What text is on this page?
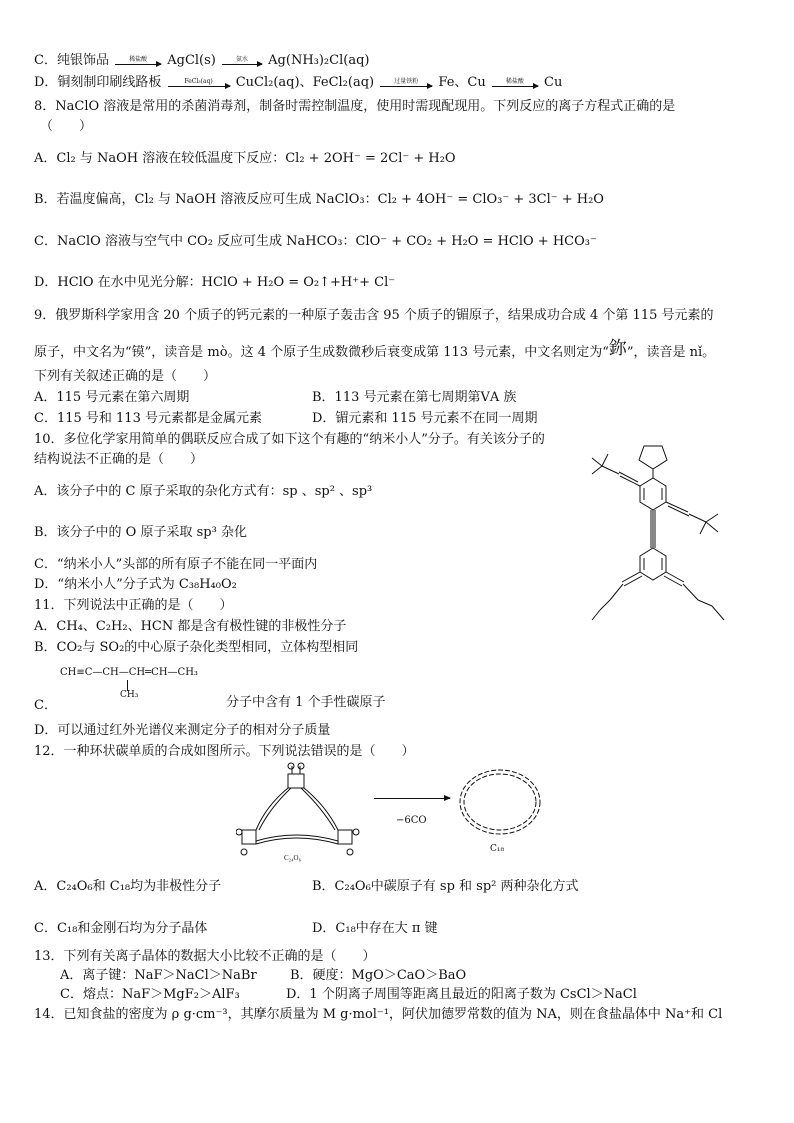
C．纯银饰品	稀盐酸	AgCl(s)	氨水	Ag(NH₃)₂Cl(aq)
D．铜刻制印刷线路板	FeCl₃(aq)	CuCl₂(aq)、FeCl₂(aq)	过量铁粉	Fe、Cu	稀盐酸	Cu
8．NaClO 溶液是常用的杀菌消毒剂，制备时需控制温度，使用时需现配现用。下列反应的离子方程式正确的是
（　　）
A．Cl₂ 与 NaOH 溶液在较低温度下反应：Cl₂ + 2OH⁻ = 2Cl⁻ + H₂O
B．若温度偏高，Cl₂ 与 NaOH 溶液反应可生成 NaClO₃：Cl₂ + 4OH⁻ = ClO₃⁻ + 3Cl⁻ + H₂O
C．NaClO 溶液与空气中 CO₂ 反应可生成 NaHCO₃：ClO⁻ + CO₂ + H₂O = HClO + HCO₃⁻
D．HClO 在水中见光分解：HClO + H₂O = O₂↑+H⁺+ Cl⁻
9．俄罗斯科学家用含 20 个质子的钙元素的一种原子轰击含 95 个质子的镅原子，结果成功合成 4 个第 115 号元素的
原子，中文名为“镆”，读音是 mò。这 4 个原子生成数微秒后衰变成第 113 号元素，中文名则定为“鉨”，读音是 nǐ。
下列有关叙述正确的是（　　）
A．115 号元素在第六周期	B．113 号元素在第七周期第ⅤA 族
C．115 号和 113 号元素都是金属元素	D．镅元素和 115 号元素不在同一周期
10．多位化学家用简单的偶联反应合成了如下这个有趣的“纳米小人”分子。有关该分子的
结构说法不正确的是（　　）
A．该分子中的 C 原子采取的杂化方式有：sp 、sp² 、sp³
B．该分子中的 O 原子采取 sp³ 杂化
C．“纳米小人”头部的所有原子不能在同一平面内
D．“纳米小人”分子式为 C₃₈H₄₀O₂
11．下列说法中正确的是（　　）
A．CH₄、C₂H₂、HCN 都是含有极性键的非极性分子
B．CO₂与 SO₂的中心原子杂化类型相同，立体构型相同
CH≡C—CH—CH═CH—CH₃
CH₃
C．	分子中含有 1 个手性碳原子
D．可以通过红外光谱仪来测定分子的相对分子质量
12．一种环状碳单质的合成如图所示。下列说法错误的是（　　）
C₂₄O₆
−6CO
C₁₈
A．C₂₄O₆和 C₁₈均为非极性分子	B．C₂₄O₆中碳原子有 sp 和 sp² 两种杂化方式
C．C₁₈和金刚石均为分子晶体	D．C₁₈中存在大 π 键
13．下列有关离子晶体的数据大小比较不正确的是（　　）
A．离子键：NaF＞NaCl＞NaBr	B．硬度：MgO＞CaO＞BaO
C．熔点：NaF＞MgF₂＞AlF₃	D．1 个阴离子周围等距离且最近的阳离子数为 CsCl＞NaCl
14．已知食盐的密度为 ρ g·cm⁻³，其摩尔质量为 M g·mol⁻¹，阿伏加德罗常数的值为 NA，则在食盐晶体中 Na⁺和 Cl
